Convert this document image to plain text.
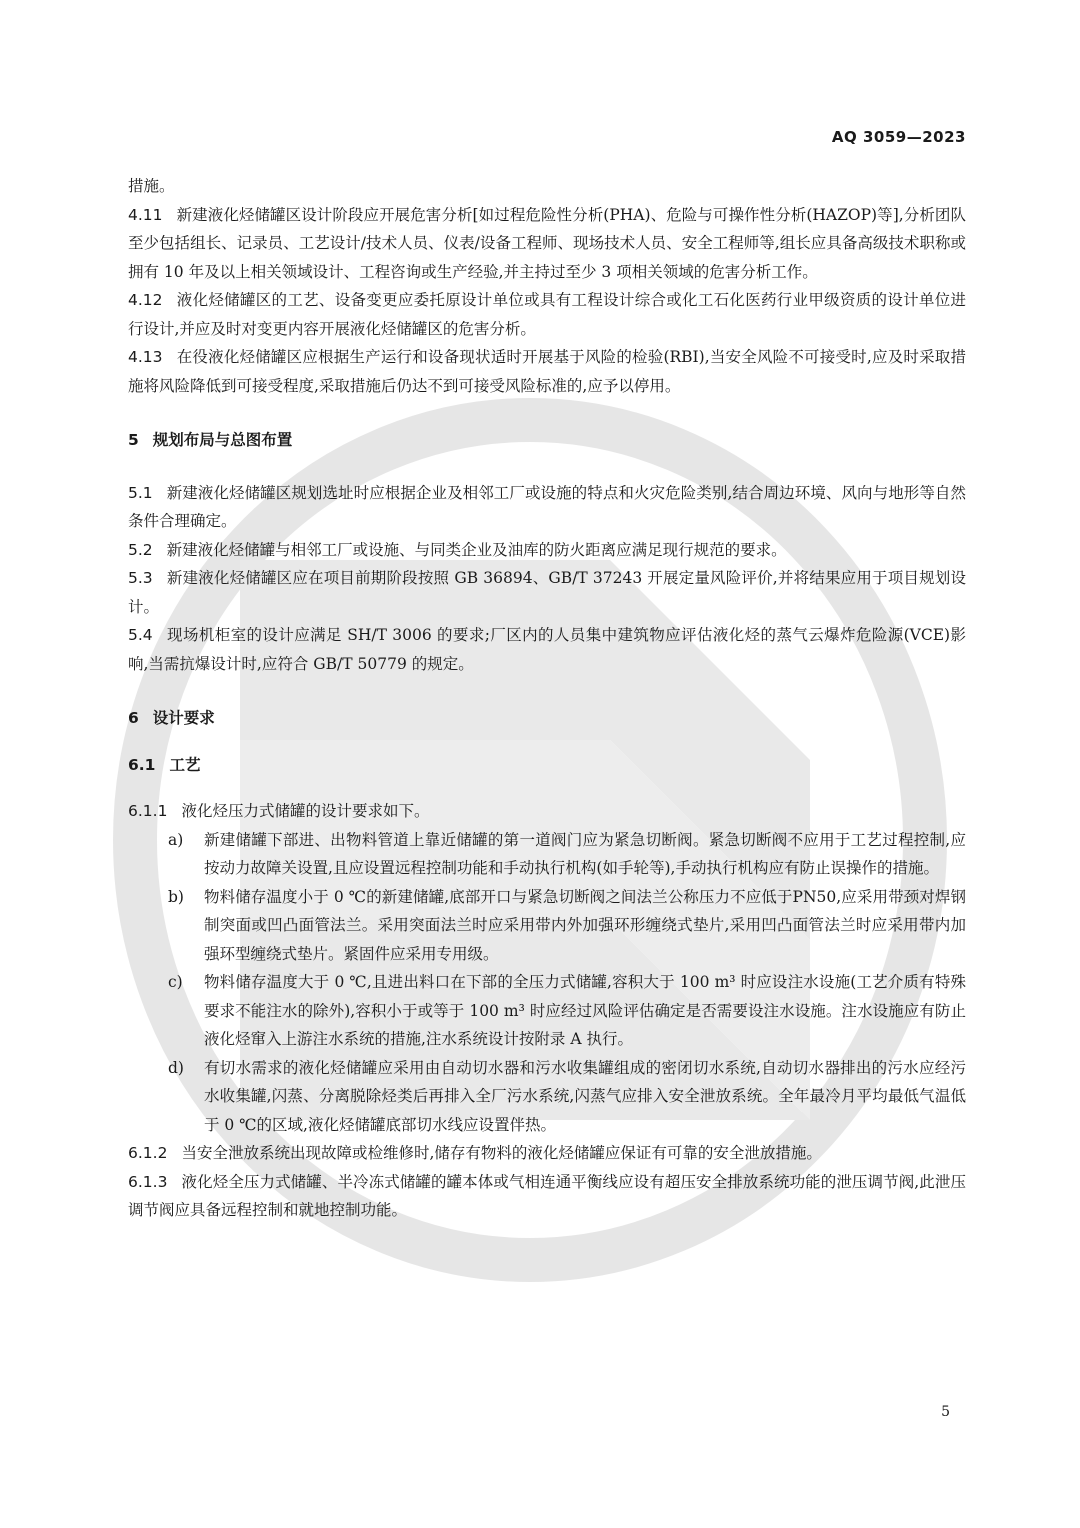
AQ 3059—2023

措施。

4.11 新建液化烃储罐区设计阶段应开展危害分析[如过程危险性分析(PHA)、危险与可操作性分析(HAZOP)等],分析团队至少包括组长、记录员、工艺设计/技术人员、仪表/设备工程师、现场技术人员、安全工程师等,组长应具备高级技术职称或拥有 10 年及以上相关领域设计、工程咨询或生产经验,并主持过至少 3 项相关领域的危害分析工作。

4.12 液化烃储罐区的工艺、设备变更应委托原设计单位或具有工程设计综合或化工石化医药行业甲级资质的设计单位进行设计,并应及时对变更内容开展液化烃储罐区的危害分析。

4.13 在役液化烃储罐区应根据生产运行和设备现状适时开展基于风险的检验(RBI),当安全风险不可接受时,应及时采取措施将风险降低到可接受程度,采取措施后仍达不到可接受风险标准的,应予以停用。

5 规划布局与总图布置

5.1 新建液化烃储罐区规划选址时应根据企业及相邻工厂或设施的特点和火灾危险类别,结合周边环境、风向与地形等自然条件合理确定。

5.2 新建液化烃储罐与相邻工厂或设施、与同类企业及油库的防火距离应满足现行规范的要求。

5.3 新建液化烃储罐区应在项目前期阶段按照 GB 36894、GB/T 37243 开展定量风险评价,并将结果应用于项目规划设计。

5.4 现场机柜室的设计应满足 SH/T 3006 的要求;厂区内的人员集中建筑物应评估液化烃的蒸气云爆炸危险源(VCE)影响,当需抗爆设计时,应符合 GB/T 50779 的规定。

6 设计要求

6.1 工艺

6.1.1 液化烃压力式储罐的设计要求如下。

a) 新建储罐下部进、出物料管道上靠近储罐的第一道阀门应为紧急切断阀。紧急切断阀不应用于工艺过程控制,应按动力故障关设置,且应设置远程控制功能和手动执行机构(如手轮等),手动执行机构应有防止误操作的措施。

b) 物料储存温度小于 0 ℃的新建储罐,底部开口与紧急切断阀之间法兰公称压力不应低于PN50,应采用带颈对焊钢制突面或凹凸面管法兰。采用突面法兰时应采用带内外加强环形缠绕式垫片,采用凹凸面管法兰时应采用带内加强环型缠绕式垫片。紧固件应采用专用级。

c) 物料储存温度大于 0 ℃,且进出料口在下部的全压力式储罐,容积大于 100 m³ 时应设注水设施(工艺介质有特殊要求不能注水的除外),容积小于或等于 100 m³ 时应经过风险评估确定是否需要设注水设施。注水设施应有防止液化烃窜入上游注水系统的措施,注水系统设计按附录 A 执行。

d) 有切水需求的液化烃储罐应采用由自动切水器和污水收集罐组成的密闭切水系统,自动切水器排出的污水应经污水收集罐,闪蒸、分离脱除烃类后再排入全厂污水系统,闪蒸气应排入安全泄放系统。全年最冷月平均最低气温低于 0 ℃的区域,液化烃储罐底部切水线应设置伴热。

6.1.2 当安全泄放系统出现故障或检维修时,储存有物料的液化烃储罐应保证有可靠的安全泄放措施。

6.1.3 液化烃全压力式储罐、半冷冻式储罐的罐本体或气相连通平衡线应设有超压安全排放系统功能的泄压调节阀,此泄压调节阀应具备远程控制和就地控制功能。

5
